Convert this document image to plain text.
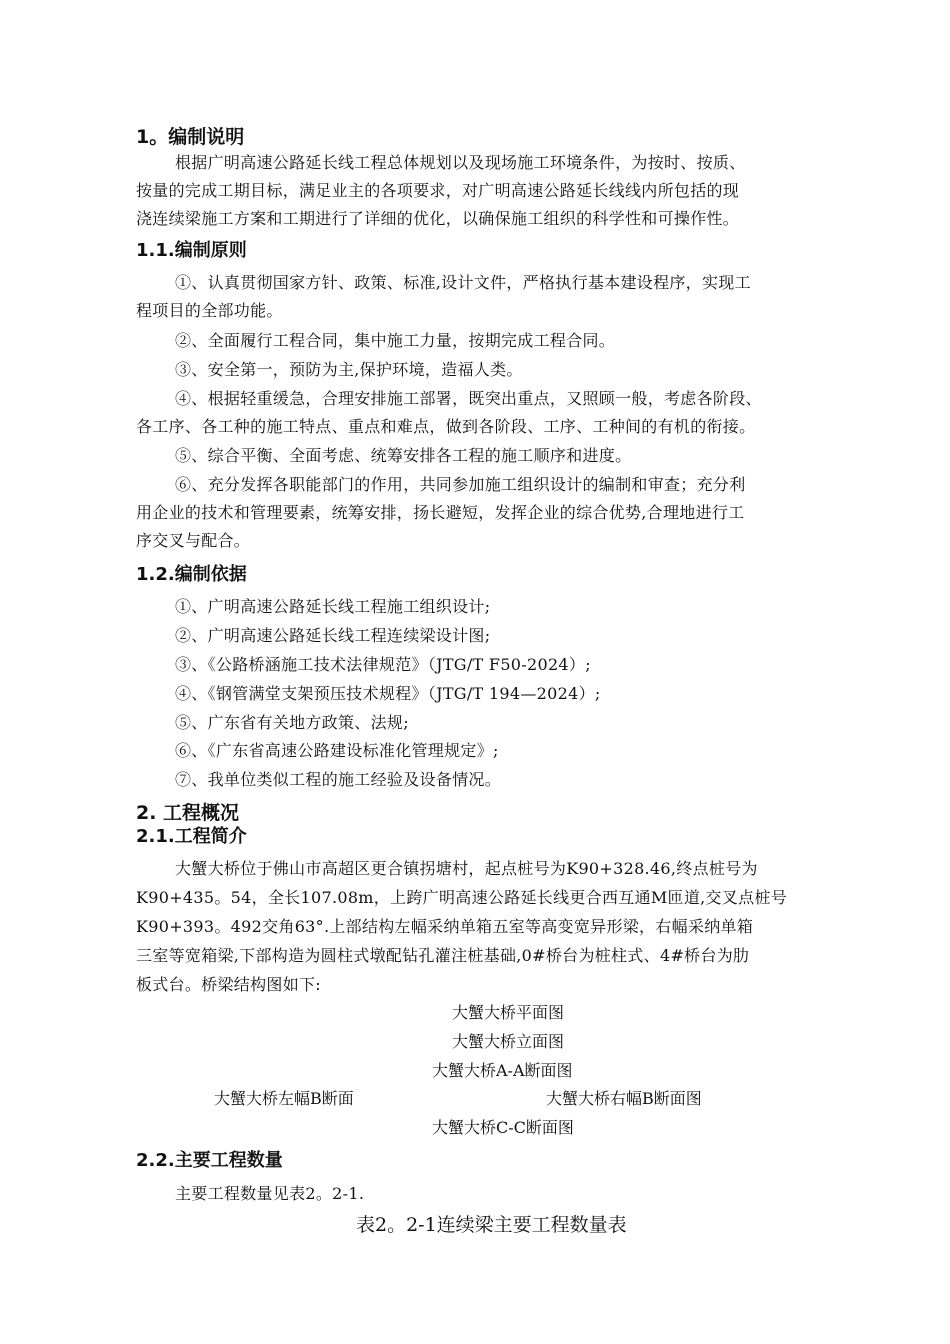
1。编制说明
根据广明高速公路延长线工程总体规划以及现场施工环境条件，为按时、按质、
按量的完成工期目标，满足业主的各项要求，对广明高速公路延长线线内所包括的现
浇连续梁施工方案和工期进行了详细的优化，以确保施工组织的科学性和可操作性。
1.1.编制原则
①、认真贯彻国家方针、政策、标准,设计文件，严格执行基本建设程序，实现工
程项目的全部功能。
②、全面履行工程合同，集中施工力量，按期完成工程合同。
③、安全第一，预防为主,保护环境，造福人类。
④、根据轻重缓急，合理安排施工部署，既突出重点，又照顾一般，考虑各阶段、
各工序、各工种的施工特点、重点和难点，做到各阶段、工序、工种间的有机的衔接。
⑤、综合平衡、全面考虑、统筹安排各工程的施工顺序和进度。
⑥、充分发挥各职能部门的作用，共同参加施工组织设计的编制和审查；充分利
用企业的技术和管理要素，统筹安排，扬长避短，发挥企业的综合优势,合理地进行工
序交叉与配合。
1.2.编制依据
①、广明高速公路延长线工程施工组织设计;
②、广明高速公路延长线工程连续梁设计图;
③、《公路桥涵施工技术法律规范》（JTG/T F50-2024）;
④、《钢管满堂支架预压技术规程》（JTG/T 194—2024）;
⑤、广东省有关地方政策、法规;
⑥、《广东省高速公路建设标准化管理规定》;
⑦、我单位类似工程的施工经验及设备情况。
2. 工程概况
2.1.工程简介
大蟹大桥位于佛山市高超区更合镇拐塘村，起点桩号为K90+328.46,终点桩号为
K90+435。54，全长107.08m，上跨广明高速公路延长线更合西互通M匝道,交叉点桩号
K90+393。492交角63°.上部结构左幅采纳单箱五室等高变宽异形梁，右幅采纳单箱
三室等宽箱梁,下部构造为圆柱式墩配钻孔灌注桩基础,0#桥台为桩柱式、4#桥台为肋
板式台。桥梁结构图如下:
大蟹大桥平面图
大蟹大桥立面图
大蟹大桥A-A断面图
大蟹大桥左幅B断面	大蟹大桥右幅B断面图
大蟹大桥C-C断面图
2.2.主要工程数量
主要工程数量见表2。2-1.
表2。2-1连续梁主要工程数量表
